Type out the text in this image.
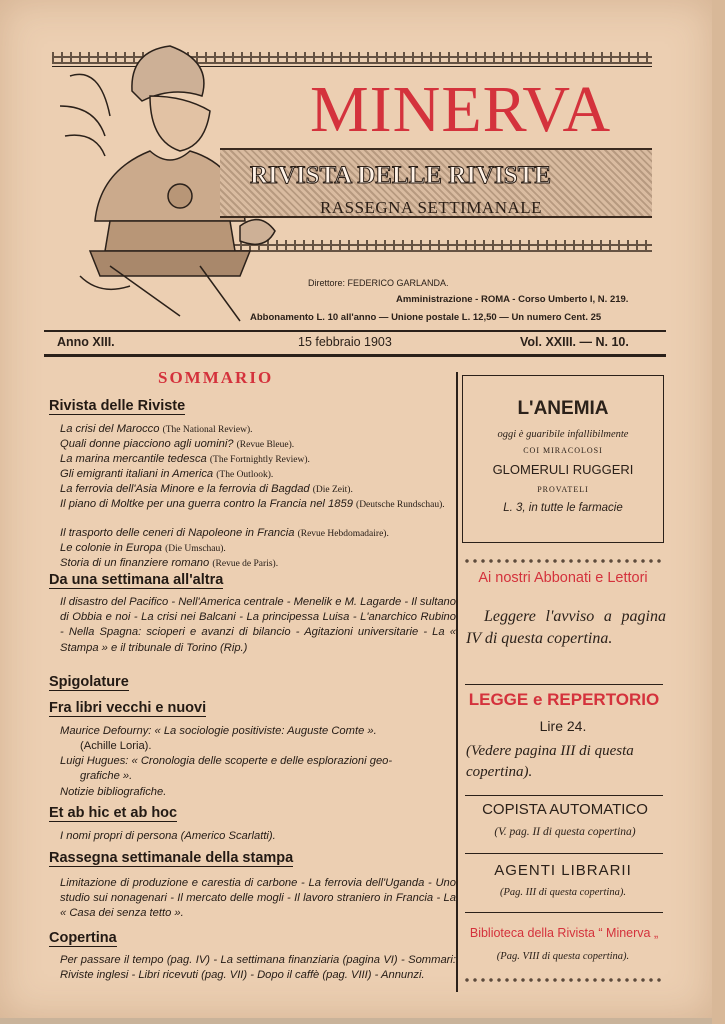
MINERVA
RIVISTA DELLE RIVISTE
RASSEGNA SETTIMANALE
Direttore: FEDERICO GARLANDA.
Amministrazione - ROMA - Corso Umberto I, N. 219.
Abbonamento L. 10 all'anno — Unione postale L. 12,50 — Un numero Cent. 25
Anno XIII.	15 febbraio 1903	Vol. XXIII. — N. 10.
SOMMARIO
Rivista delle Riviste
La crisi del Marocco (The National Review).
Quali donne piacciono agli uomini? (Revue Bleue).
La marina mercantile tedesca (The Fortnightly Review).
Gli emigranti italiani in America (The Outlook).
La ferrovia dell'Asia Minore e la ferrovia di Bagdad (Die Zeit).
Il piano di Moltke per una guerra contro la Francia nel 1859 (Deutsche Rundschau).
Il trasporto delle ceneri di Napoleone in Francia (Revue Hebdomadaire).
Le colonie in Europa (Die Umschau).
Storia di un finanziere romano (Revue de Paris).
Da una settimana all'altra
Il disastro del Pacifico - Nell'America centrale - Menelik e M. Lagarde - Il sultano di Obbia e noi - La crisi nei Balcani - La principessa Luisa - L'anarchico Rubino - Nella Spagna: scioperi e avanzi di bilancio - Agitazioni universitarie - La « Stampa » e il tribunale di Torino (Rip.)
Spigolature
Fra libri vecchi e nuovi
Maurice Defourny: « La sociologie positiviste: Auguste Comte ».
(Achille Loria).
Luigi Hugues: « Cronologia delle scoperte e delle esplorazioni geo-
grafiche ».
Notizie bibliografiche.
Et ab hic et ab hoc
I nomi propri di persona (Americo Scarlatti).
Rassegna settimanale della stampa
Limitazione di produzione e carestia di carbone - La ferrovia dell'Uganda - Uno studio sui nonagenari - Il mercato delle mogli - Il lavoro straniero in Francia - La « Casa dei senza tetto ».
Copertina
Per passare il tempo (pag. IV) - La settimana finanziaria (pagina VI) - Sommari: Riviste inglesi - Libri ricevuti (pag. VII) - Dopo il caffè (pag. VIII) - Annunzi.
L'ANEMIA
oggi è guaribile infallibilmente
COI MIRACOLOSI
GLOMERULI RUGGERI
PROVATELI
L. 3, in tutte le farmacie
Ai nostri Abbonati e Lettori
Leggere l'avviso a pagina IV di questa copertina.
LEGGE e REPERTORIO
Lire 24.
(Vedere pagina III di questa copertina).
COPISTA AUTOMATICO
(V. pag. II di questa copertina)
AGENTI LIBRARII
(Pag. III di questa copertina).
Biblioteca della Rivista “ Minerva „
(Pag. VIII di questa copertina).
